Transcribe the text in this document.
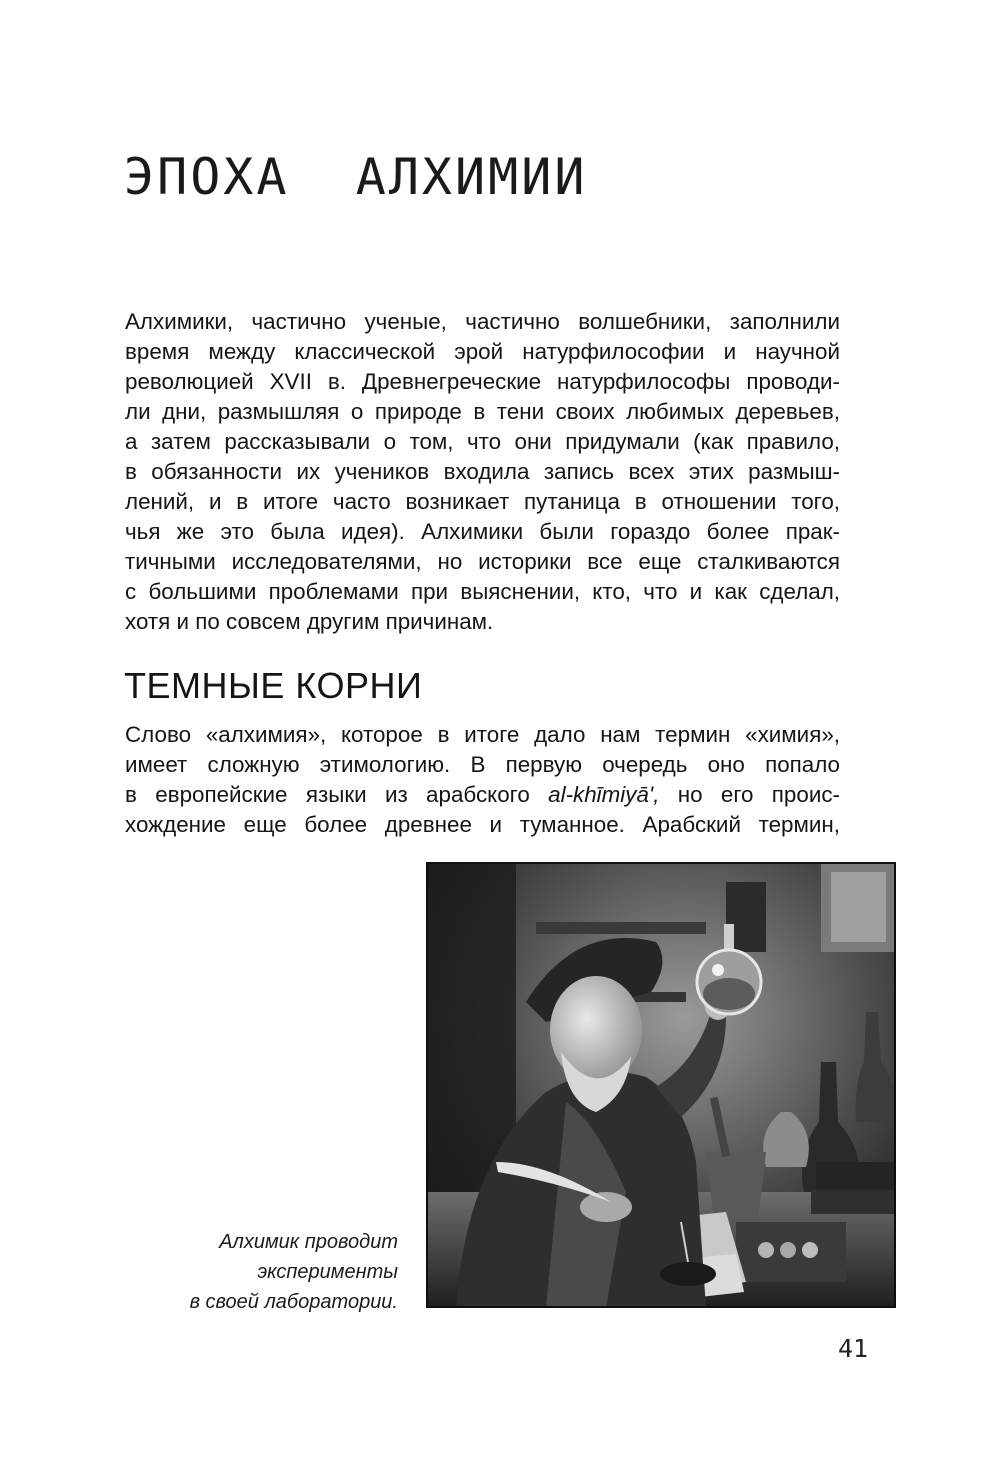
ЭПОХА  АЛХИМИИ

Алхимики, частично ученые, частично волшебники, заполнили
время между классической эрой натурфилософии и научной
революцией XVII в. Древнегреческие натурфилософы проводи-
ли дни, размышляя о природе в тени своих любимых деревьев,
а затем рассказывали о том, что они придумали (как правило,
в обязанности их учеников входила запись всех этих размыш-
лений, и в итоге часто возникает путаница в отношении того,
чья же это была идея). Алхимики были гораздо более прак-
тичными исследователями, но историки все еще сталкиваются
с большими проблемами при выяснении, кто, что и как сделал,
хотя и по совсем другим причинам.

ТЕМНЫЕ КОРНИ

Слово «алхимия», которое в итоге дало нам термин «химия»,
имеет сложную этимологию. В первую очередь оно попало
в европейские языки из арабского al-khīmiyā', но его проис-
хождение еще более древнее и туманное. Арабский термин,

Алхимик проводит
эксперименты
в своей лаборатории.

41
